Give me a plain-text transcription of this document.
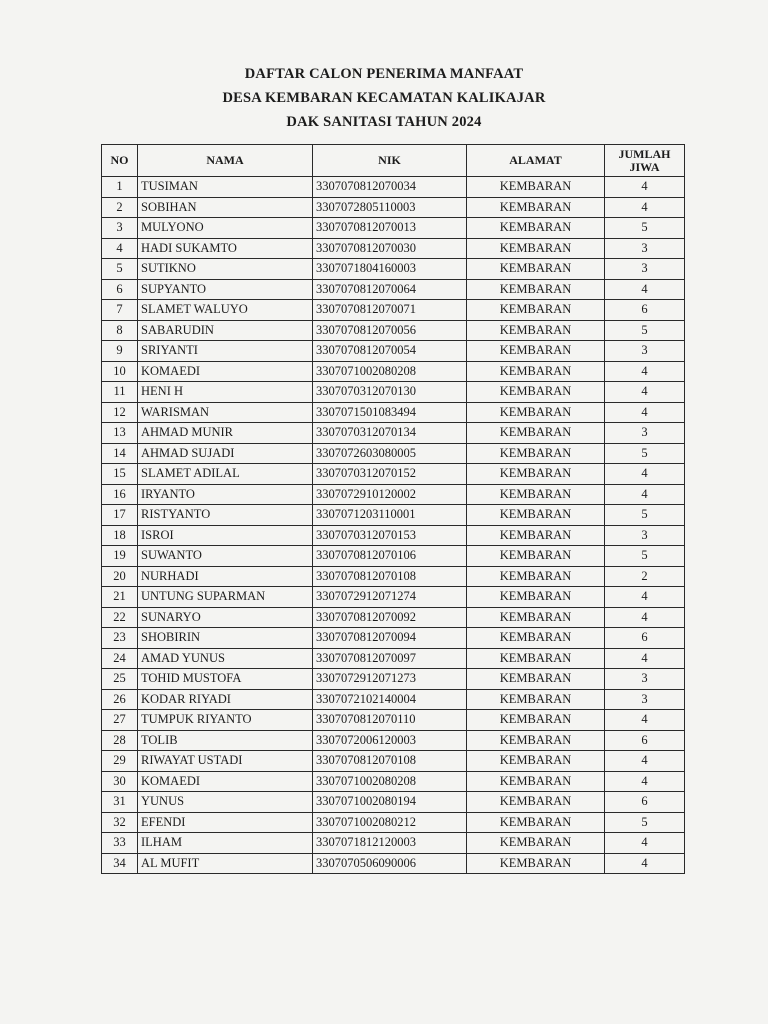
DAFTAR CALON PENERIMA MANFAAT
DESA KEMBARAN KECAMATAN KALIKAJAR
DAK SANITASI TAHUN 2024
NO	NAMA	NIK	ALAMAT	JUMLAH JIWA
1	TUSIMAN	3307070812070034	KEMBARAN	4
2	SOBIHAN	3307072805110003	KEMBARAN	4
3	MULYONO	3307070812070013	KEMBARAN	5
4	HADI SUKAMTO	3307070812070030	KEMBARAN	3
5	SUTIKNO	3307071804160003	KEMBARAN	3
6	SUPYANTO	3307070812070064	KEMBARAN	4
7	SLAMET WALUYO	3307070812070071	KEMBARAN	6
8	SABARUDIN	3307070812070056	KEMBARAN	5
9	SRIYANTI	3307070812070054	KEMBARAN	3
10	KOMAEDI	3307071002080208	KEMBARAN	4
11	HENI H	3307070312070130	KEMBARAN	4
12	WARISMAN	3307071501083494	KEMBARAN	4
13	AHMAD MUNIR	3307070312070134	KEMBARAN	3
14	AHMAD SUJADI	3307072603080005	KEMBARAN	5
15	SLAMET ADILAL	3307070312070152	KEMBARAN	4
16	IRYANTO	3307072910120002	KEMBARAN	4
17	RISTYANTO	3307071203110001	KEMBARAN	5
18	ISROI	3307070312070153	KEMBARAN	3
19	SUWANTO	3307070812070106	KEMBARAN	5
20	NURHADI	3307070812070108	KEMBARAN	2
21	UNTUNG SUPARMAN	3307072912071274	KEMBARAN	4
22	SUNARYO	3307070812070092	KEMBARAN	4
23	SHOBIRIN	3307070812070094	KEMBARAN	6
24	AMAD YUNUS	3307070812070097	KEMBARAN	4
25	TOHID MUSTOFA	3307072912071273	KEMBARAN	3
26	KODAR RIYADI	3307072102140004	KEMBARAN	3
27	TUMPUK RIYANTO	3307070812070110	KEMBARAN	4
28	TOLIB	3307072006120003	KEMBARAN	6
29	RIWAYAT USTADI	3307070812070108	KEMBARAN	4
30	KOMAEDI	3307071002080208	KEMBARAN	4
31	YUNUS	3307071002080194	KEMBARAN	6
32	EFENDI	3307071002080212	KEMBARAN	5
33	ILHAM	3307071812120003	KEMBARAN	4
34	AL MUFIT	3307070506090006	KEMBARAN	4
